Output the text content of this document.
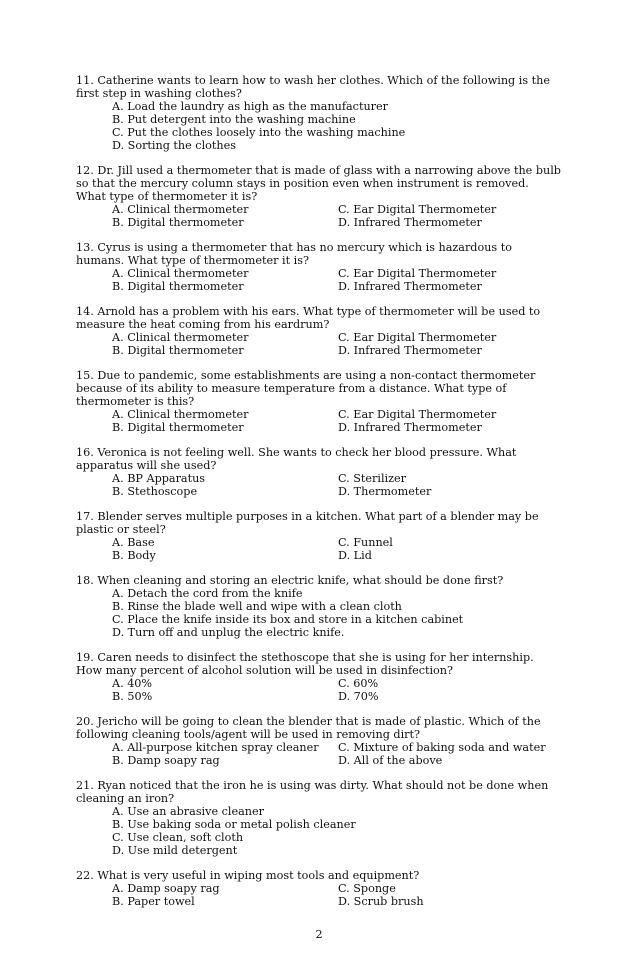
11. Catherine wants to learn how to wash her clothes. Which of the following is the first step in washing clothes?
A. Load the laundry as high as the manufacturer
B. Put detergent into the washing machine
C. Put the clothes loosely into the washing machine
D. Sorting the clothes
12. Dr. Jill used a thermometer that is made of glass with a narrowing above the bulb so that the mercury column stays in position even when instrument is removed. What type of thermometer it is?
A. Clinical thermometer	C. Ear Digital Thermometer
B. Digital thermometer	D. Infrared Thermometer
13. Cyrus is using a thermometer that has no mercury which is hazardous to humans. What type of thermometer it is?
A. Clinical thermometer	C. Ear Digital Thermometer
B. Digital thermometer	D. Infrared Thermometer
14. Arnold has a problem with his ears. What type of thermometer will be used to measure the heat coming from his eardrum?
A. Clinical thermometer	C. Ear Digital Thermometer
B. Digital thermometer	D. Infrared Thermometer
15. Due to pandemic, some establishments are using a non-contact thermometer because of its ability to measure temperature from a distance. What type of thermometer is this?
A. Clinical thermometer	C. Ear Digital Thermometer
B. Digital thermometer	D. Infrared Thermometer
16. Veronica is not feeling well. She wants to check her blood pressure. What apparatus will she used?
A. BP Apparatus	C. Sterilizer
B. Stethoscope	D. Thermometer
17. Blender serves multiple purposes in a kitchen. What part of a blender may be plastic or steel?
A. Base	C. Funnel
B. Body	D. Lid
18. When cleaning and storing an electric knife, what should be done first?
A. Detach the cord from the knife
B. Rinse the blade well and wipe with a clean cloth
C. Place the knife inside its box and store in a kitchen cabinet
D. Turn off and unplug the electric knife.
19. Caren needs to disinfect the stethoscope that she is using for her internship. How many percent of alcohol solution will be used in disinfection?
A. 40%	C. 60%
B. 50%	D. 70%
20. Jericho will be going to clean the blender that is made of plastic. Which of the following cleaning tools/agent will be used in removing dirt?
A. All-purpose kitchen spray cleaner	C. Mixture of baking soda and water
B. Damp soapy rag	D. All of the above
21. Ryan noticed that the iron he is using was dirty. What should not be done when cleaning an iron?
A. Use an abrasive cleaner
B. Use baking soda or metal polish cleaner
C. Use clean, soft cloth
D. Use mild detergent
22. What is very useful in wiping most tools and equipment?
A. Damp soapy rag	C. Sponge
B. Paper towel	D. Scrub brush
2
